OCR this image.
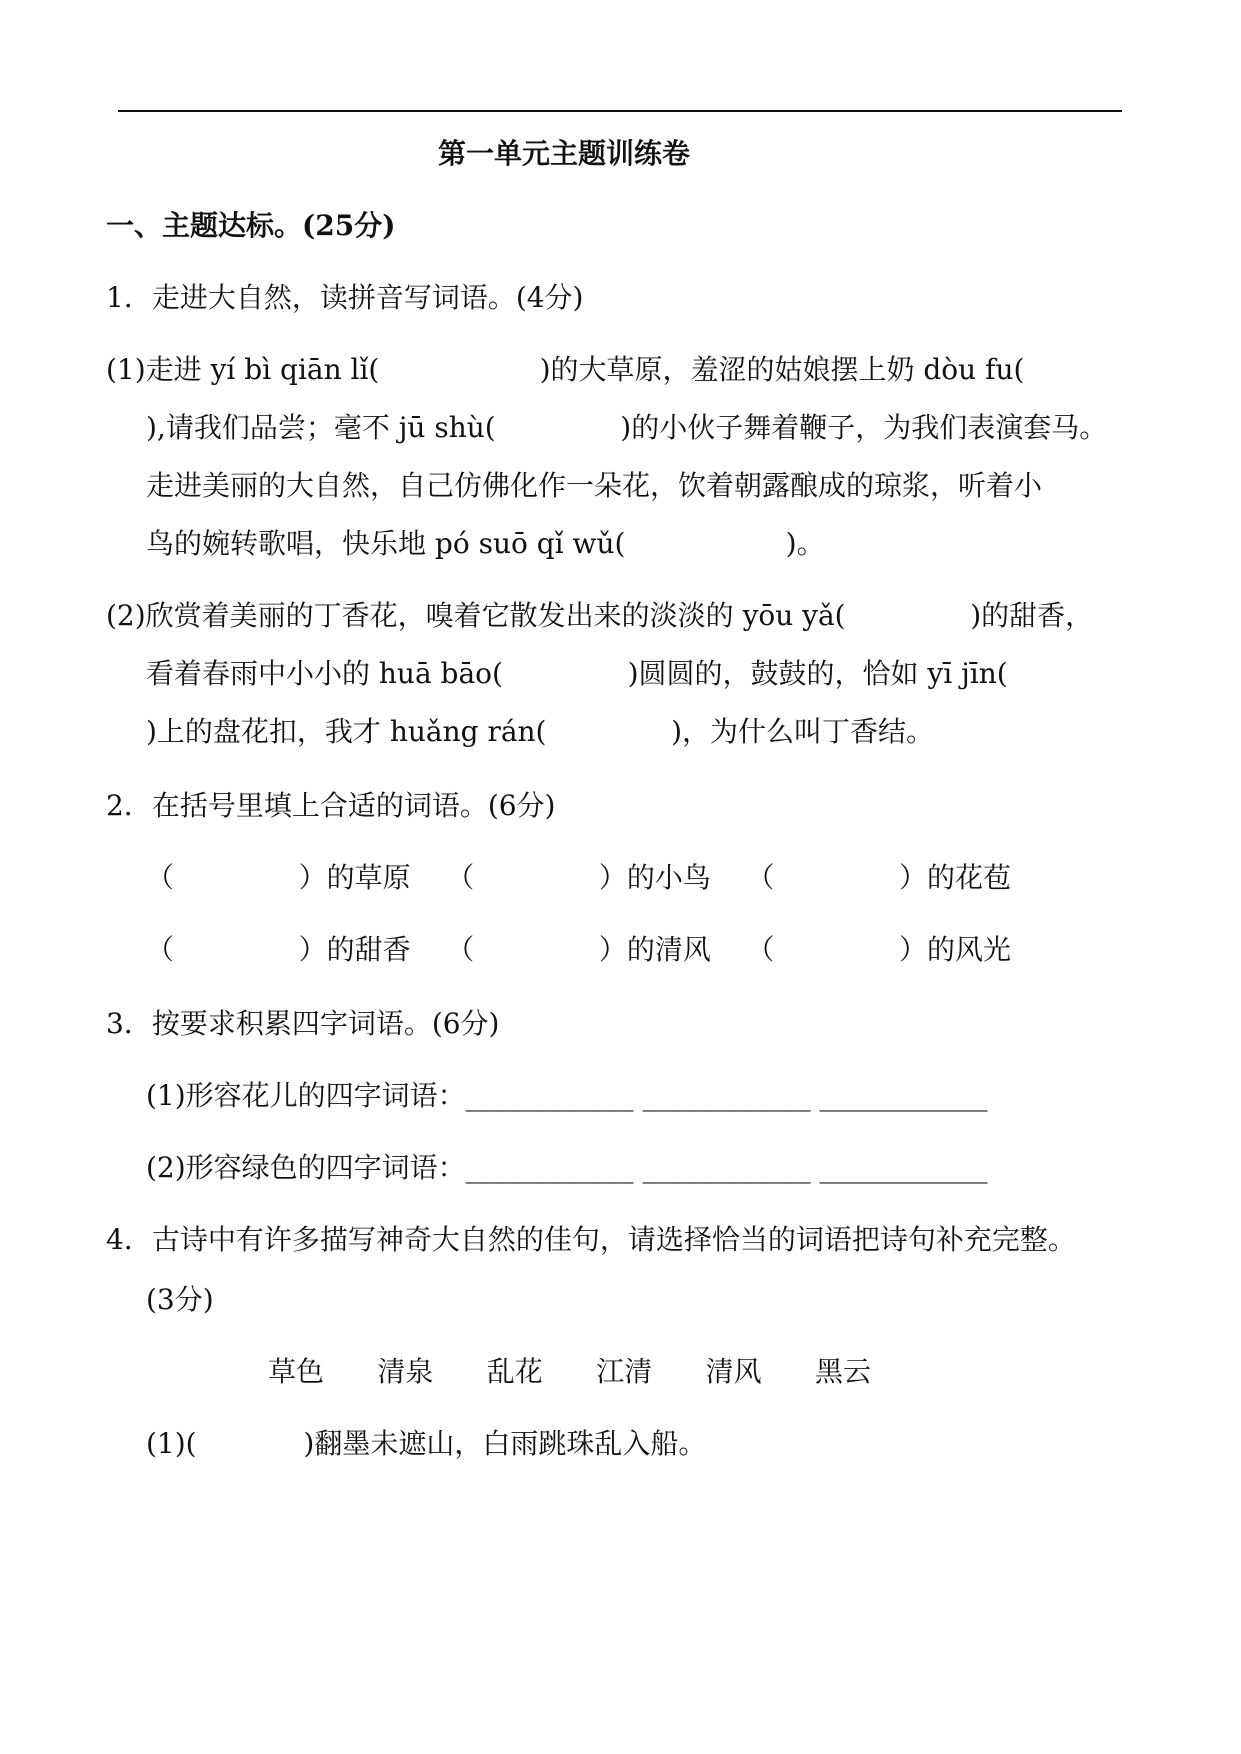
第一单元主题训练卷
一、主题达标。(25分)
1．走进大自然，读拼音写词语。(4分)
(1)走进 yí bì qiān lǐ(                  )的大草原，羞涩的姑娘摆上奶 dòu fu(
),请我们品尝；毫不 jū shù(              )的小伙子舞着鞭子，为我们表演套马。
走进美丽的大自然，自己仿佛化作一朵花，饮着朝露酿成的琼浆，听着小
鸟的婉转歌唱，快乐地 pó suō qǐ wǔ(                  )。
(2)欣赏着美丽的丁香花，嗅着它散发出来的淡淡的 yōu yǎ(              )的甜香，
看着春雨中小小的 huā bāo(              )圆圆的，鼓鼓的，恰如 yī jīn(
)上的盘花扣，我才 huǎng rán(              )，为什么叫丁香结。
2．在括号里填上合适的词语。(6分)
（              ）的草原    （              ）的小鸟    （              ）的花苞
（              ）的甜香    （              ）的清风    （              ）的风光
3．按要求积累四字词语。(6分)
(1)形容花儿的四字词语：____________ ____________ ____________
(2)形容绿色的四字词语：____________ ____________ ____________
4．古诗中有许多描写神奇大自然的佳句，请选择恰当的词语把诗句补充完整。
(3分)
草色      清泉      乱花      江清      清风      黑云
(1)(            )翻墨未遮山，白雨跳珠乱入船。
